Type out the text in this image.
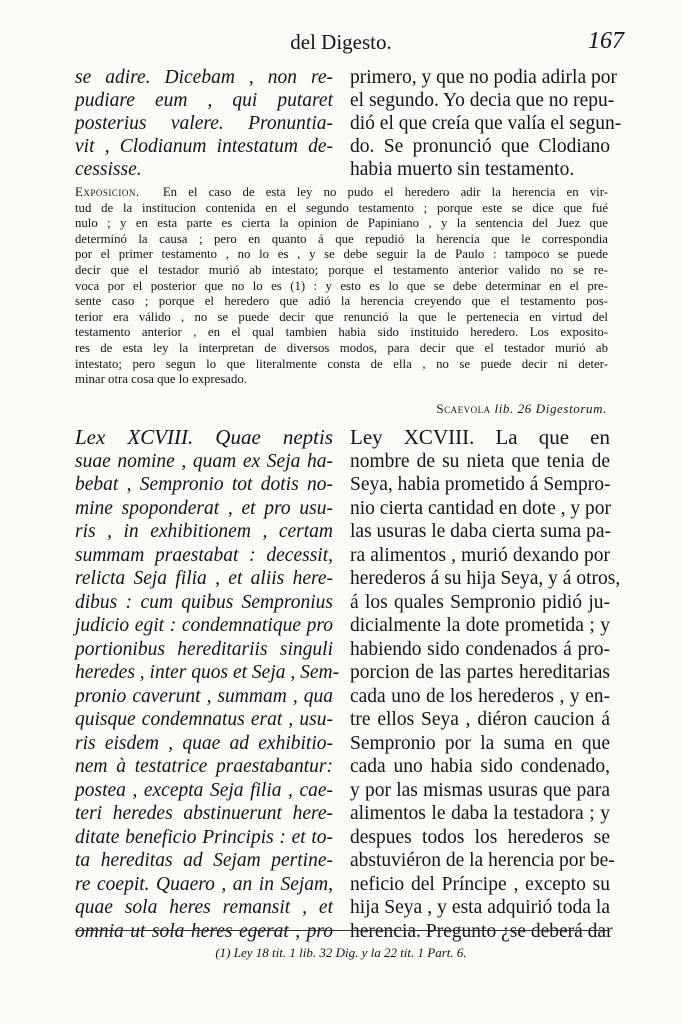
del Digesto.	167
se adire. Dicebam , non re-
pudiare eum , qui putaret
posterius valere. Pronuntia-
vit , Clodianum intestatum de-
cessisse.
primero, y que no podia adirla por
el segundo. Yo decia que no repu-
dió el que creía que valía el segun-
do. Se pronunció que Clodiano
habia muerto sin testamento.
Exposicion.  En el caso de esta ley no pudo el heredero adir la herencia en vir-
tud de la institucion contenida en el segundo testamento ; porque este se dice que fué
nulo ; y en esta parte es cierta la opinion de Papiniano , y la sentencia del Juez que
determinó la causa ; pero en quanto á que repudió la herencia que le correspondia
por el primer testamento , no lo es , y se debe seguir la de Paulo : tampoco se puede
decir que el testador murió ab intestato; porque el testamento anterior valido no se re-
voca por el posterior que no lo es (1) : y esto es lo que se debe determinar en el pre-
sente caso ; porque el heredero que adió la herencia creyendo que el testamento pos-
terior era válido , no se puede decir que renunció la que le pertenecia en virtud del
testamento anterior , en el qual tambien habia sido instituido heredero. Los exposito-
res de esta ley la interpretan de diversos modos, para decir que el testador murió ab
intestato; pero segun lo que literalmente consta de ella , no se puede decir ni deter-
minar otra cosa que lo expresado.
Scaevola lib. 26 Digestorum.
Lex XCVIII. Quae neptis
suae nomine , quam ex Seja ha-
bebat , Sempronio tot dotis no-
mine spoponderat , et pro usu-
ris , in exhibitionem , certam
summam praestabat : decessit,
relicta Seja filia , et aliis here-
dibus : cum quibus Sempronius
judicio egit : condemnatique pro
portionibus hereditariis singuli
heredes , inter quos et Seja , Sem-
pronio caverunt , summam , qua
quisque condemnatus erat , usu-
ris eisdem , quae ad exhibitio-
nem à testatrice praestabantur:
postea , excepta Seja filia , cae-
teri heredes abstinuerunt here-
ditate beneficio Principis : et to-
ta hereditas ad Sejam pertine-
re coepit. Quaero , an in Sejam,
quae sola heres remansit , et
omnia ut sola heres egerat , pro
Ley XCVIII. La que en
nombre de su nieta que tenia de
Seya, habia prometido á Sempro-
nio cierta cantidad en dote , y por
las usuras le daba cierta suma pa-
ra alimentos , murió dexando por
herederos á su hija Seya, y á otros,
á los quales Sempronio pidió ju-
dicialmente la dote prometida ; y
habiendo sido condenados á pro-
porcion de las partes hereditarias
cada uno de los herederos , y en-
tre ellos Seya , diéron caucion á
Sempronio por la suma en que
cada uno habia sido condenado,
y por las mismas usuras que para
alimentos le daba la testadora ; y
despues todos los herederos se
abstuviéron de la herencia por be-
neficio del Príncipe , excepto su
hija Seya , y esta adquirió toda la
herencia. Pregunto ¿se deberá dar
(1) Ley 18 tit. 1 lib. 32 Dig. y la 22 tit. 1 Part. 6.
